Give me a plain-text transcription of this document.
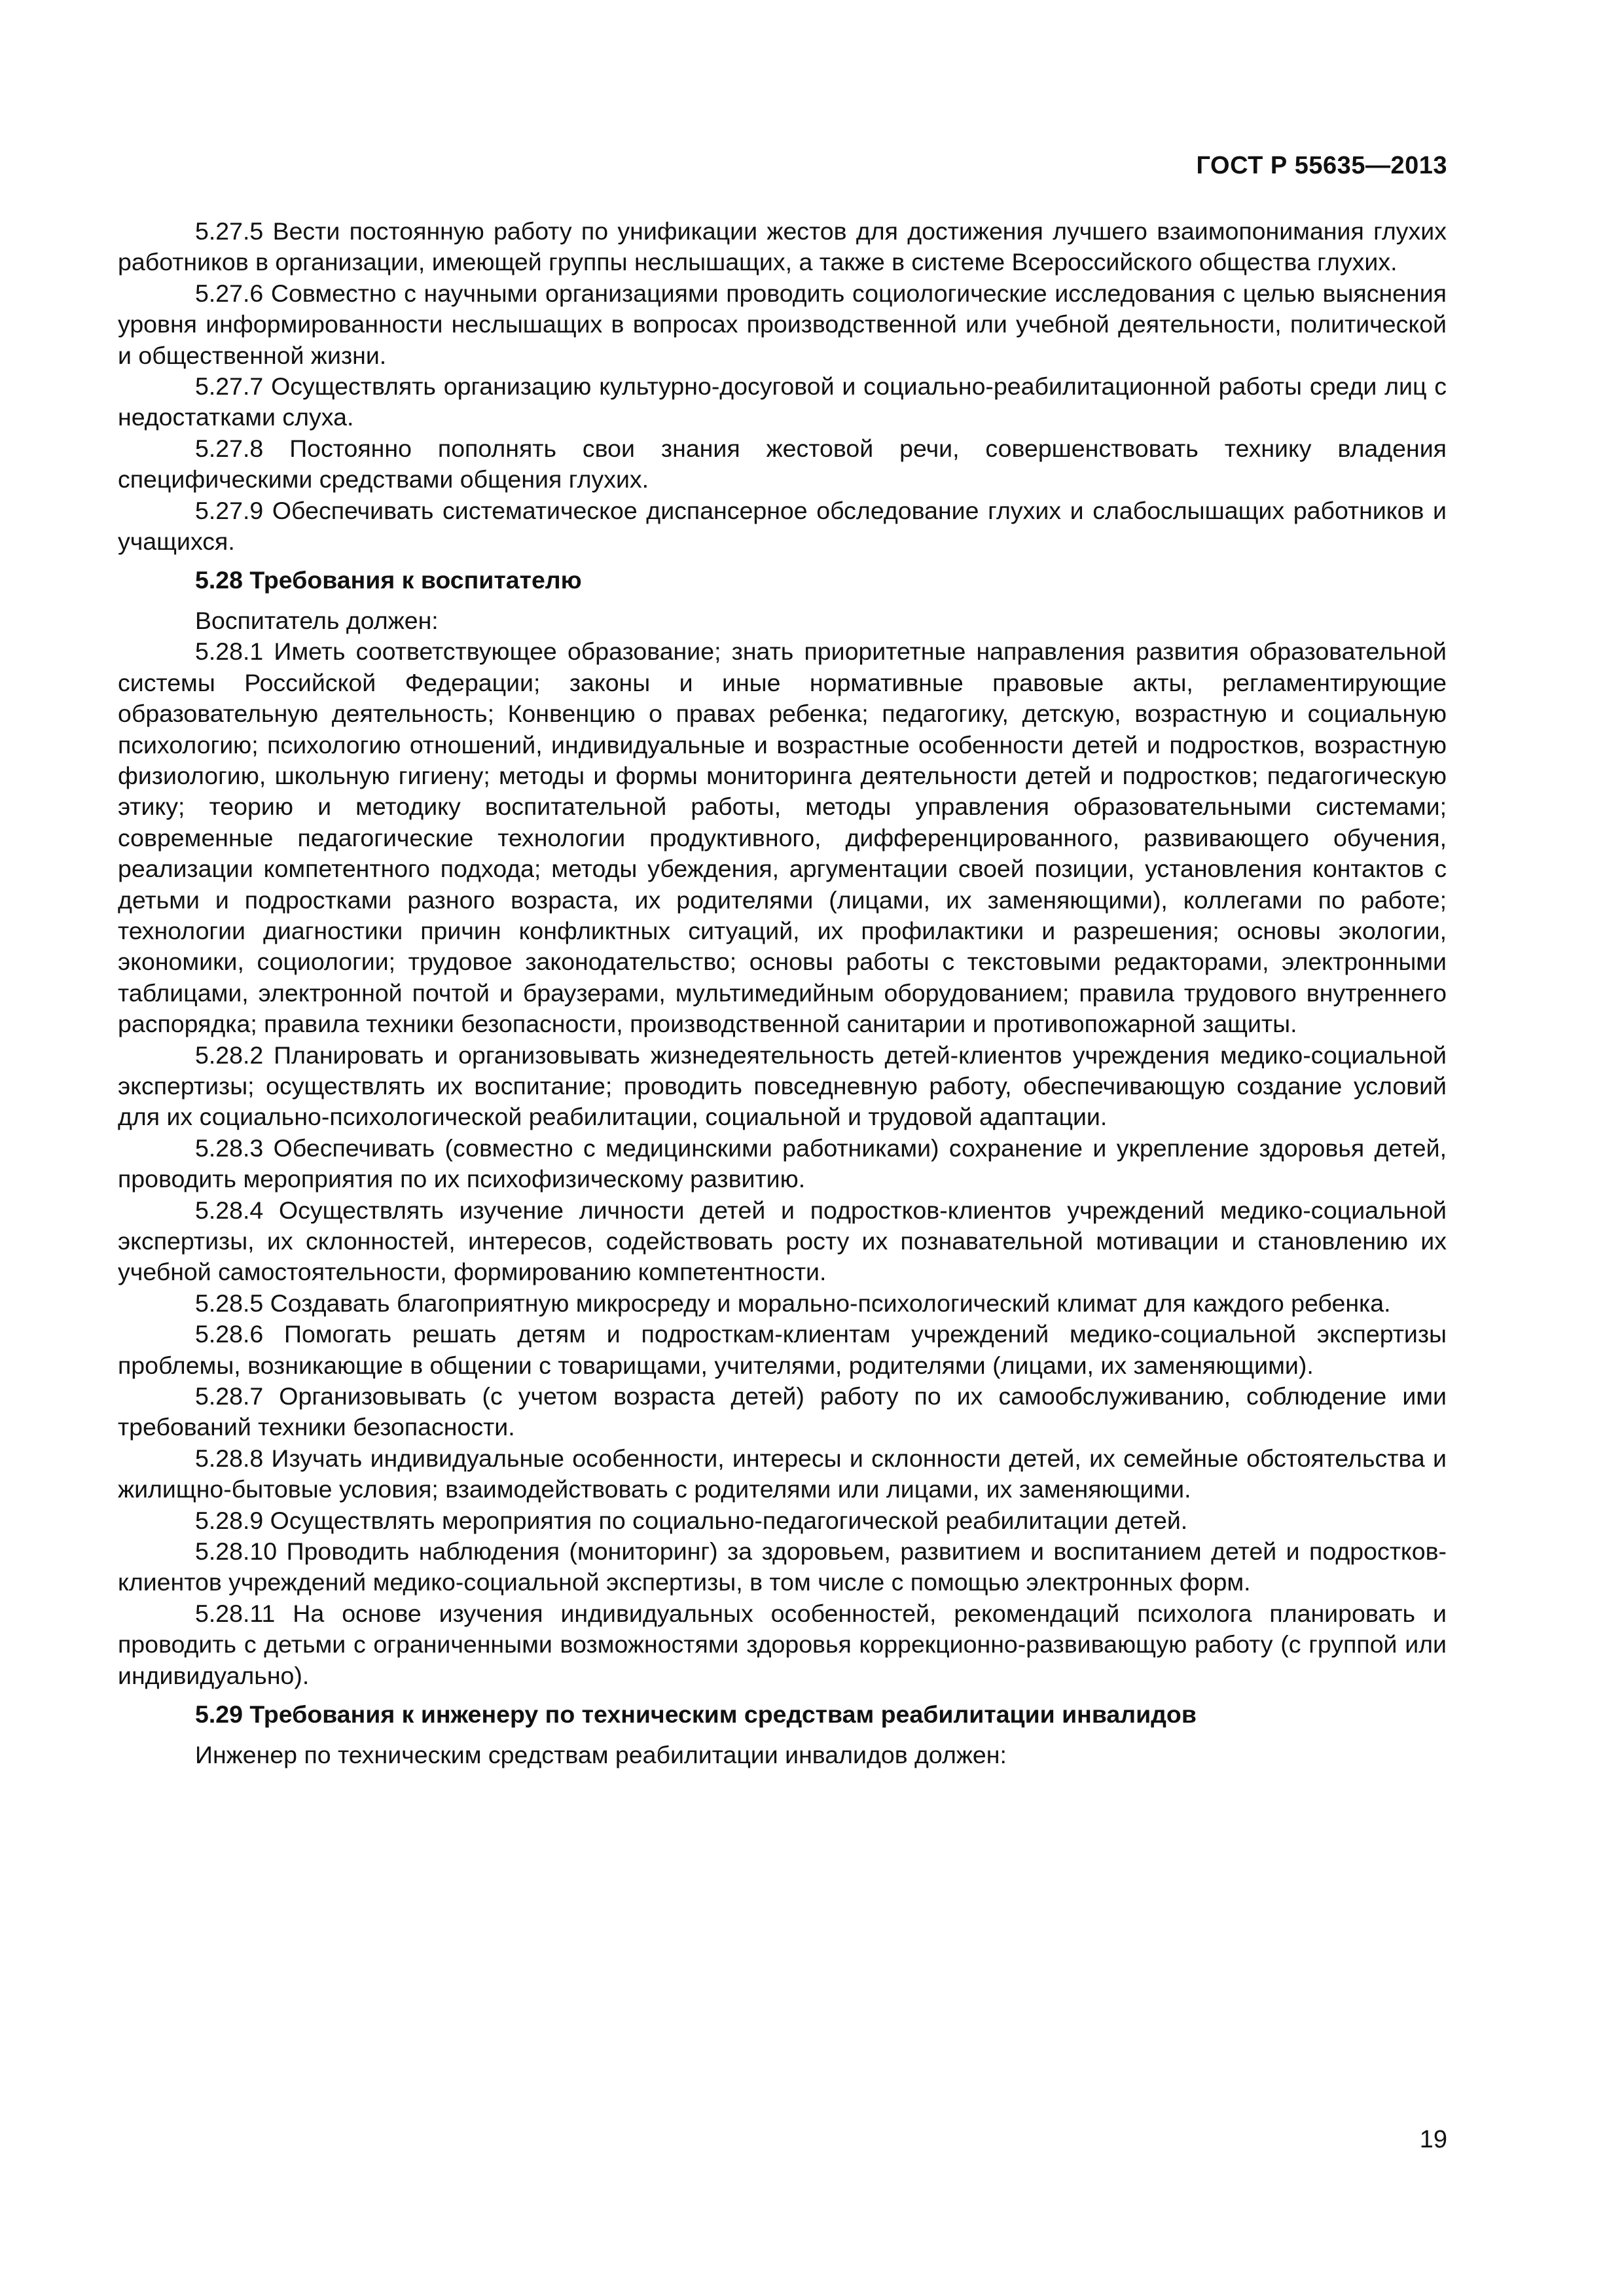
ГОСТ Р 55635—2013

5.27.5 Вести постоянную работу по унификации жестов для достижения лучшего взаимопонимания глухих работников в организации, имеющей группы неслышащих, а также в системе Всероссийского общества глухих.

5.27.6 Совместно с научными организациями проводить социологические исследования с целью выяснения уровня информированности неслышащих в вопросах производственной или учебной деятельности, политической и общественной жизни.

5.27.7 Осуществлять организацию культурно-досуговой и социально-реабилитационной работы среди лиц с недостатками слуха.

5.27.8 Постоянно пополнять свои знания жестовой речи, совершенствовать технику владения специфическими средствами общения глухих.

5.27.9 Обеспечивать систематическое диспансерное обследование глухих и слабослышащих работников и учащихся.

5.28 Требования к воспитателю

Воспитатель должен:

5.28.1 Иметь соответствующее образование; знать приоритетные направления развития образовательной системы Российской Федерации; законы и иные нормативные правовые акты, регламентирующие образовательную деятельность; Конвенцию о правах ребенка; педагогику, детскую, возрастную и социальную психологию; психологию отношений, индивидуальные и возрастные особенности детей и подростков, возрастную физиологию, школьную гигиену; методы и формы мониторинга деятельности детей и подростков; педагогическую этику; теорию и методику воспитательной работы, методы управления образовательными системами; современные педагогические технологии продуктивного, дифференцированного, развивающего обучения, реализации компетентного подхода; методы убеждения, аргументации своей позиции, установления контактов с детьми и подростками разного возраста, их родителями (лицами, их заменяющими), коллегами по работе; технологии диагностики причин конфликтных ситуаций, их профилактики и разрешения; основы экологии, экономики, социологии; трудовое законодательство; основы работы с текстовыми редакторами, электронными таблицами, электронной почтой и браузерами, мультимедийным оборудованием; правила трудового внутреннего распорядка; правила техники безопасности, производственной санитарии и противопожарной защиты.

5.28.2 Планировать и организовывать жизнедеятельность детей-клиентов учреждения медико-социальной экспертизы; осуществлять их воспитание; проводить повседневную работу, обеспечивающую создание условий для их социально-психологической реабилитации, социальной и трудовой адаптации.

5.28.3 Обеспечивать (совместно с медицинскими работниками) сохранение и укрепление здоровья детей, проводить мероприятия по их психофизическому развитию.

5.28.4 Осуществлять изучение личности детей и подростков-клиентов учреждений медико-социальной экспертизы, их склонностей, интересов, содействовать росту их познавательной мотивации и становлению их учебной самостоятельности, формированию компетентности.

5.28.5 Создавать благоприятную микросреду и морально-психологический климат для каждого ребенка.

5.28.6 Помогать решать детям и подросткам-клиентам учреждений медико-социальной экспертизы проблемы, возникающие в общении с товарищами, учителями, родителями (лицами, их заменяющими).

5.28.7 Организовывать (с учетом возраста детей) работу по их самообслуживанию, соблюдение ими требований техники безопасности.

5.28.8 Изучать индивидуальные особенности, интересы и склонности детей, их семейные обстоятельства и жилищно-бытовые условия; взаимодействовать с родителями или лицами, их заменяющими.

5.28.9 Осуществлять мероприятия по социально-педагогической реабилитации детей.

5.28.10 Проводить наблюдения (мониторинг) за здоровьем, развитием и воспитанием детей и подростков-клиентов учреждений медико-социальной экспертизы, в том числе с помощью электронных форм.

5.28.11 На основе изучения индивидуальных особенностей, рекомендаций психолога планировать и проводить с детьми с ограниченными возможностями здоровья коррекционно-развивающую работу (с группой или индивидуально).

5.29 Требования к инженеру по техническим средствам реабилитации инвалидов

Инженер по техническим средствам реабилитации инвалидов должен:

19
